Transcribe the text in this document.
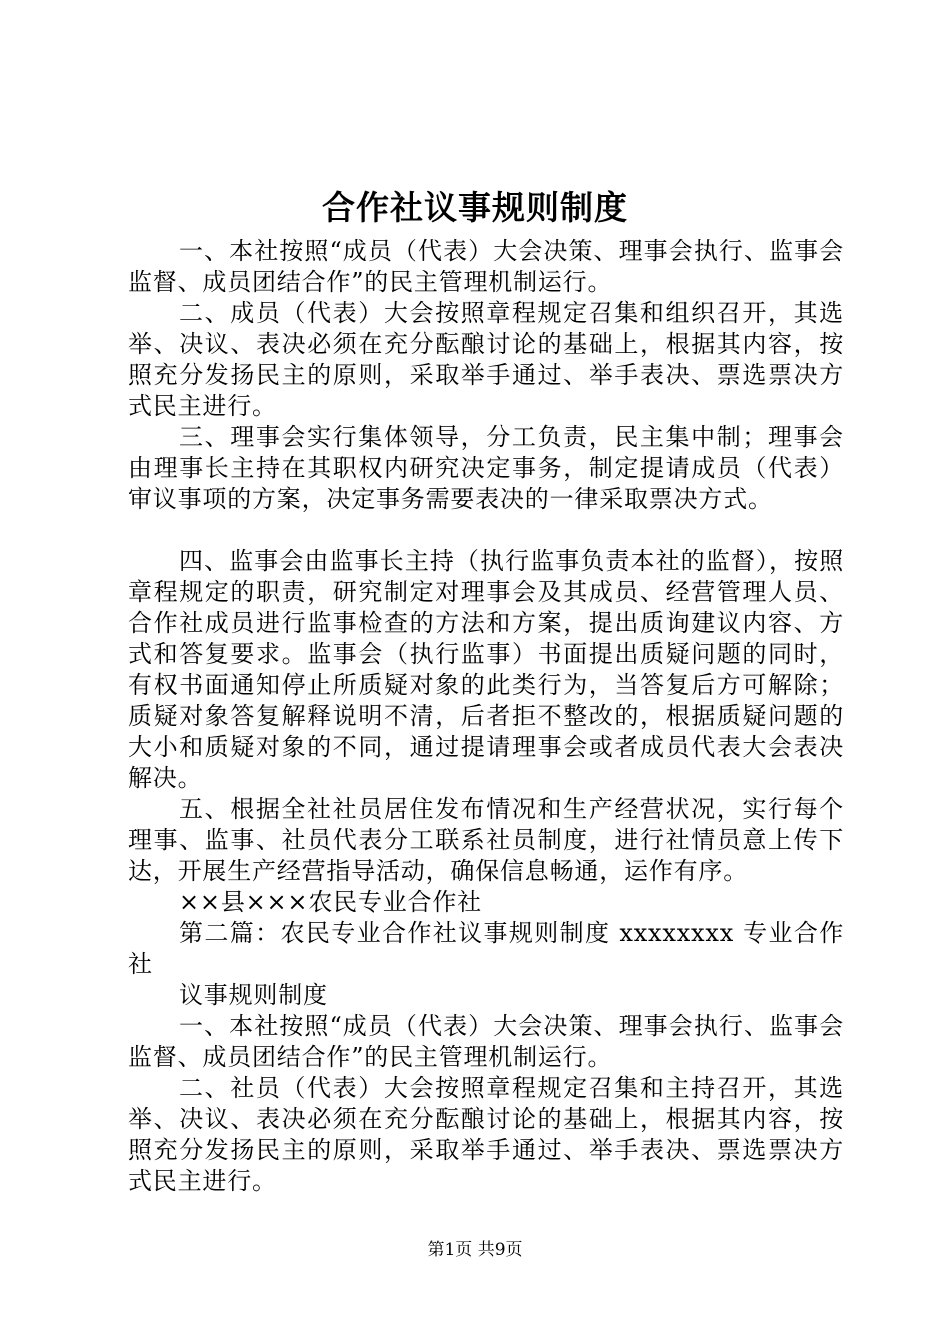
合作社议事规则制度

一、本社按照“成员（代表）大会决策、理事会执行、监事会监督、成员团结合作”的民主管理机制运行。

二、成员（代表）大会按照章程规定召集和组织召开，其选举、决议、表决必须在充分酝酿讨论的基础上，根据其内容，按照充分发扬民主的原则，采取举手通过、举手表决、票选票决方式民主进行。

三、理事会实行集体领导，分工负责，民主集中制；理事会由理事长主持在其职权内研究决定事务，制定提请成员（代表）审议事项的方案，决定事务需要表决的一律采取票决方式。

四、监事会由监事长主持（执行监事负责本社的监督），按照章程规定的职责，研究制定对理事会及其成员、经营管理人员、合作社成员进行监事检查的方法和方案，提出质询建议内容、方式和答复要求。监事会（执行监事）书面提出质疑问题的同时，有权书面通知停止所质疑对象的此类行为，当答复后方可解除；质疑对象答复解释说明不清，后者拒不整改的，根据质疑问题的大小和质疑对象的不同，通过提请理事会或者成员代表大会表决解决。

五、根据全社社员居住发布情况和生产经营状况，实行每个理事、监事、社员代表分工联系社员制度，进行社情员意上传下达，开展生产经营指导活动，确保信息畅通，运作有序。

××县×××农民专业合作社

第二篇：农民专业合作社议事规则制度 xxxxxxxx 专业合作社

议事规则制度

一、本社按照“成员（代表）大会决策、理事会执行、监事会监督、成员团结合作”的民主管理机制运行。

二、社员（代表）大会按照章程规定召集和主持召开，其选举、决议、表决必须在充分酝酿讨论的基础上，根据其内容，按照充分发扬民主的原则，采取举手通过、举手表决、票选票决方式民主进行。

第1页 共9页
